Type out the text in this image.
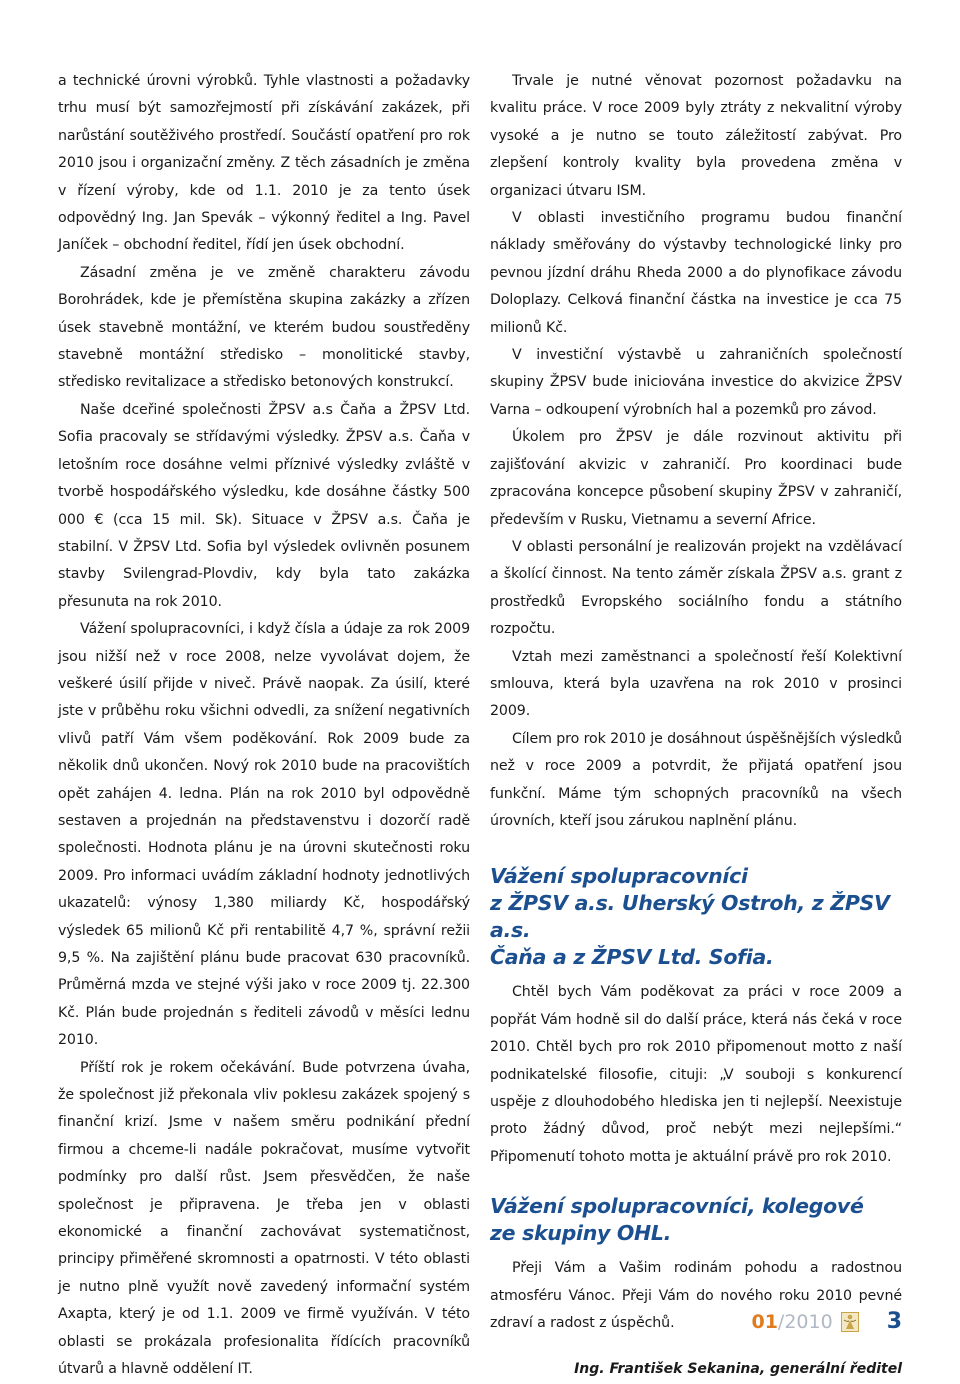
a technické úrovni výrobků. Tyhle vlastnosti a požadavky trhu musí být samozřejmostí při získávání zakázek, při narůstání soutěživého prostředí. Součástí opatření pro rok 2010 jsou i organizační změny. Z těch zásadních je změna v řízení výroby, kde od 1.1. 2010 je za tento úsek odpovědný Ing. Jan Spevák – výkonný ředitel a Ing. Pavel Janíček – obchodní ředitel, řídí jen úsek obchodní.

Zásadní změna je ve změně charakteru závodu Borohrádek, kde je přemístěna skupina zakázky a zřízen úsek stavebně montážní, ve kterém budou soustředěny stavebně montážní středisko – monolitické stavby, středisko revitalizace a středisko betonových konstrukcí.

Naše dceřiné společnosti ŽPSV a.s Čaňa a ŽPSV Ltd. Sofia pracovaly se střídavými výsledky. ŽPSV a.s. Čaňa v letošním roce dosáhne velmi příznivé výsledky zvláště v tvorbě hospodářského výsledku, kde dosáhne částky 500 000 € (cca 15 mil. Sk). Situace v ŽPSV a.s. Čaňa je stabilní. V ŽPSV Ltd. Sofia byl výsledek ovlivněn posunem stavby Svilengrad-Plovdiv, kdy byla tato zakázka přesunuta na rok 2010.

Vážení spolupracovníci, i když čísla a údaje za rok 2009 jsou nižší než v roce 2008, nelze vyvolávat dojem, že veškeré úsilí přijde v niveč. Právě naopak. Za úsilí, které jste v průběhu roku všichni odvedli, za snížení negativních vlivů patří Vám všem poděkování. Rok 2009 bude za několik dnů ukončen. Nový rok 2010 bude na pracovištích opět zahájen 4. ledna. Plán na rok 2010 byl odpovědně sestaven a projednán na představenstvu i dozorčí radě společnosti. Hodnota plánu je na úrovni skutečnosti roku 2009. Pro informaci uvádím základní hodnoty jednotlivých ukazatelů: výnosy 1,380 miliardy Kč, hospodářský výsledek 65 milionů Kč při rentabilitě 4,7 %, správní režii 9,5 %. Na zajištění plánu bude pracovat 630 pracovníků. Průměrná mzda ve stejné výši jako v roce 2009 tj. 22.300 Kč. Plán bude projednán s řediteli závodů v měsíci lednu 2010.

Příští rok je rokem očekávání. Bude potvrzena úvaha, že společnost již překonala vliv poklesu zakázek spojený s finanční krizí. Jsme v našem směru podnikání přední firmou a chceme-li nadále pokračovat, musíme vytvořit podmínky pro další růst. Jsem přesvědčen, že naše společnost je připravena. Je třeba jen v oblasti ekonomické a finanční zachovávat systematičnost, principy přiměřené skromnosti a opatrnosti. V této oblasti je nutno plně využít nově zavedený informační systém Axapta, který je od 1.1. 2009 ve firmě využíván. V této oblasti se prokázala profesionalita řídících pracovníků útvarů a hlavně oddělení IT.

Trvale je nutné věnovat pozornost požadavku na kvalitu práce. V roce 2009 byly ztráty z nekvalitní výroby vysoké a je nutno se touto záležitostí zabývat. Pro zlepšení kontroly kvality byla provedena změna v organizaci útvaru ISM.

V oblasti investičního programu budou finanční náklady směřovány do výstavby technologické linky pro pevnou jízdní dráhu Rheda 2000 a do plynofikace závodu Doloplazy. Celková finanční částka na investice je cca 75 milionů Kč.

V investiční výstavbě u zahraničních společností skupiny ŽPSV bude iniciována investice do akvizice ŽPSV Varna – odkoupení výrobních hal a pozemků pro závod.

Úkolem pro ŽPSV je dále rozvinout aktivitu při zajišťování akvizic v zahraničí. Pro koordinaci bude zpracována koncepce působení skupiny ŽPSV v zahraničí, především v Rusku, Vietnamu a severní Africe.

V oblasti personální je realizován projekt na vzdělávací a školící činnost. Na tento záměr získala ŽPSV a.s. grant z prostředků Evropského sociálního fondu a státního rozpočtu.

Vztah mezi zaměstnanci a společností řeší Kolektivní smlouva, která byla uzavřena na rok 2010 v prosinci 2009.

Cílem pro rok 2010 je dosáhnout úspěšnějších výsledků než v roce 2009 a potvrdit, že přijatá opatření jsou funkční. Máme tým schopných pracovníků na všech úrovních, kteří jsou zárukou naplnění plánu.

Vážení spolupracovníci
z ŽPSV a.s. Uherský Ostroh, z ŽPSV a.s.
Čaňa a z ŽPSV Ltd. Sofia.

Chtěl bych Vám poděkovat za práci v roce 2009 a popřát Vám hodně sil do další práce, která nás čeká v roce 2010. Chtěl bych pro rok 2010 připomenout motto z naší podnikatelské filosofie, cituji: „V souboji s konkurencí uspěje z dlouhodobého hlediska jen ti nejlepší. Neexistuje proto žádný důvod, proč nebýt mezi nejlepšími.“ Připomenutí tohoto motta je aktuální právě pro rok 2010.

Vážení spolupracovníci, kolegové
ze skupiny OHL.

Přeji Vám a Vašim rodinám pohodu a radostnou atmosféru Vánoc. Přeji Vám do nového roku 2010 pevné zdraví a radost z úspěchů.

Ing. František Sekanina, generální ředitel
01/2010 3
